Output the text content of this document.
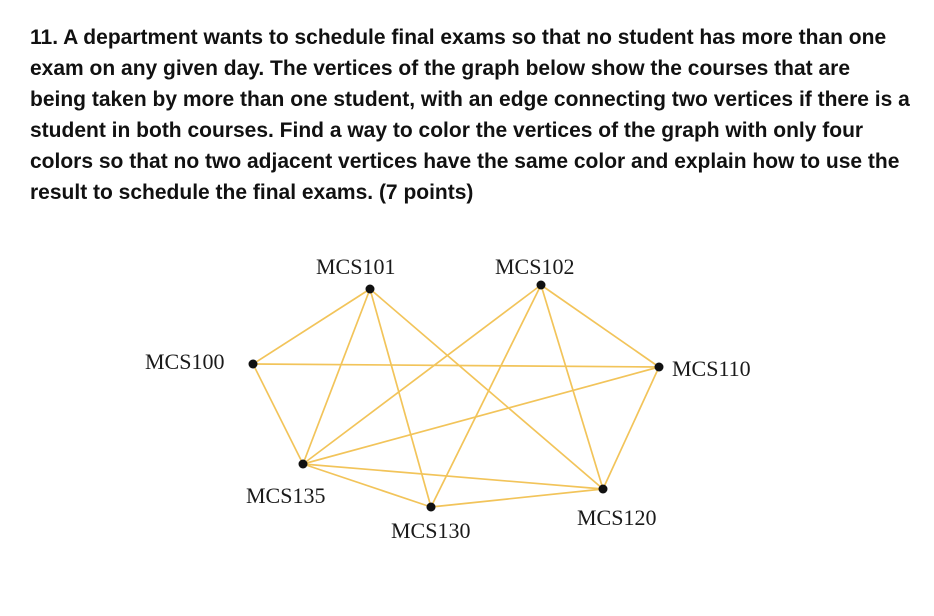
11. A department wants to schedule final exams so that no student has more than one exam on any given day. The vertices of the graph below show the courses that are being taken by more than one student, with an edge connecting two vertices if there is a student in both courses. Find a way to color the vertices of the graph with only four colors so that no two adjacent vertices have the same color and explain how to use the result to schedule the final exams. (7 points)

MCS101	MCS102
MCS100	MCS110
MCS135
MCS120
MCS130
